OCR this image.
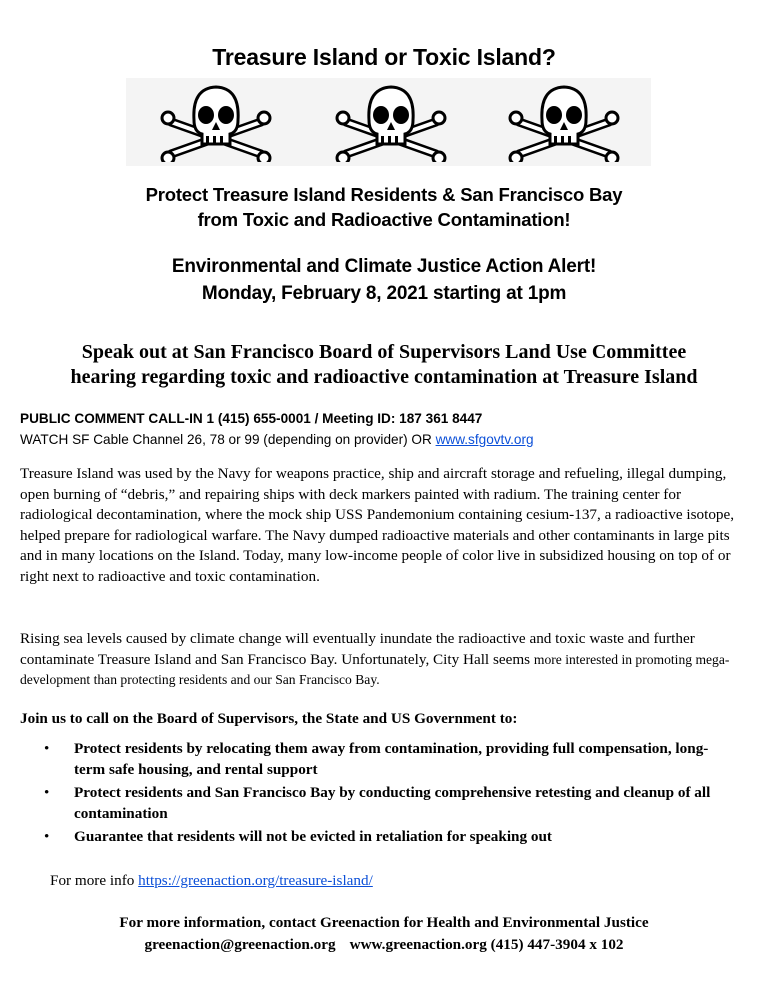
Treasure Island or Toxic Island?
Protect Treasure Island Residents & San Francisco Bay
from Toxic and Radioactive Contamination!
Environmental and Climate Justice Action Alert!
Monday, February 8, 2021 starting at 1pm
Speak out at San Francisco Board of Supervisors Land Use Committee
hearing regarding toxic and radioactive contamination at Treasure Island
PUBLIC COMMENT CALL-IN 1 (415) 655-0001 / Meeting ID: 187 361 8447
WATCH SF Cable Channel 26, 78 or 99 (depending on provider) OR www.sfgovtv.org
Treasure Island was used by the Navy for weapons practice, ship and aircraft storage and refueling, illegal dumping, open burning of “debris,” and repairing ships with deck markers painted with radium. The training center for radiological decontamination, where the mock ship USS Pandemonium containing cesium-137, a radioactive isotope, helped prepare for radiological warfare. The Navy dumped radioactive materials and other contaminants in large pits and in many locations on the Island. Today, many low-income people of color live in subsidized housing on top of or right next to radioactive and toxic contamination.
Rising sea levels caused by climate change will eventually inundate the radioactive and toxic waste and further contaminate Treasure Island and San Francisco Bay. Unfortunately, City Hall seems more interested in promoting mega-development than protecting residents and our San Francisco Bay.
Join us to call on the Board of Supervisors, the State and US Government to:
• Protect residents by relocating them away from contamination, providing full compensation, long-term safe housing, and rental support
• Protect residents and San Francisco Bay by conducting comprehensive retesting and cleanup of all contamination
• Guarantee that residents will not be evicted in retaliation for speaking out
For more info https://greenaction.org/treasure-island/
For more information, contact Greenaction for Health and Environmental Justice
greenaction@greenaction.org www.greenaction.org (415) 447-3904 x 102
